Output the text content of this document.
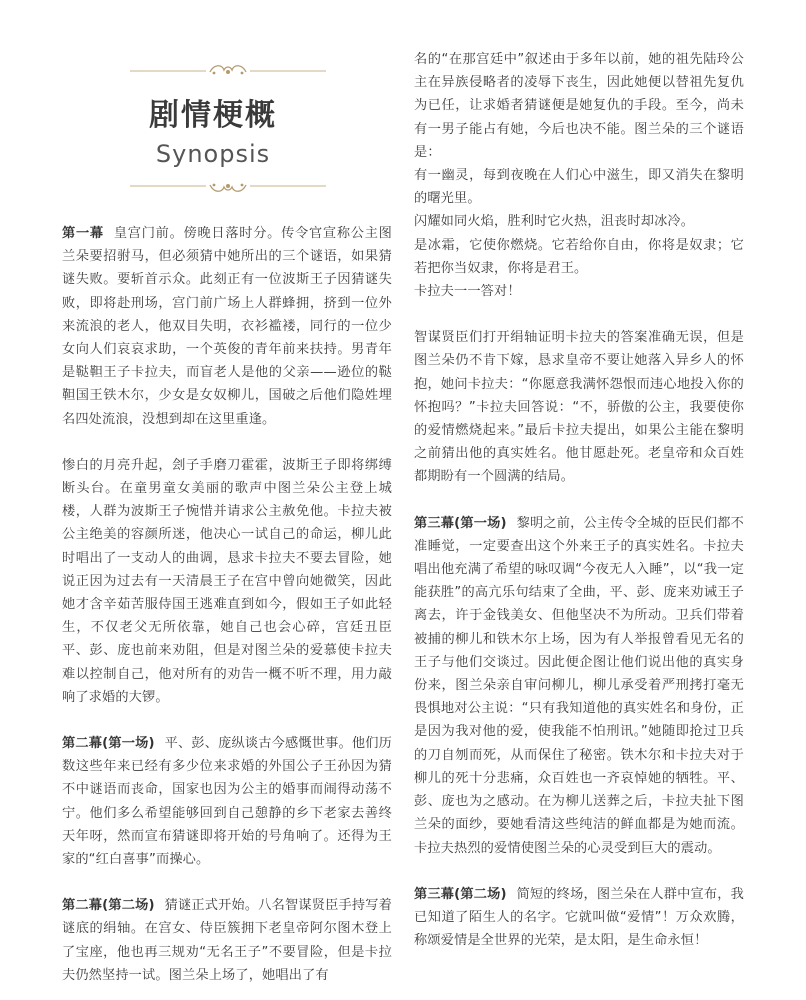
剧情梗概
Synopsis

第一幕 皇宫门前。傍晚日落时分。传令官宣称公主图兰朵要招驸马，但必须猜中她所出的三个谜语，如果猜谜失败。要斩首示众。此刻正有一位波斯王子因猜谜失败，即将赴刑场，宫门前广场上人群蜂拥，挤到一位外来流浪的老人，他双目失明，衣衫褴褛，同行的一位少女向人们哀哀求助，一个英俊的青年前来扶持。男青年是鞑靼王子卡拉夫，而盲老人是他的父亲——逊位的鞑靼国王铁木尔，少女是女奴柳儿，国破之后他们隐姓埋名四处流浪，没想到却在这里重逢。

惨白的月亮升起，刽子手磨刀霍霍，波斯王子即将绑缚断头台。在童男童女美丽的歌声中图兰朵公主登上城楼，人群为波斯王子惋惜并请求公主赦免他。卡拉夫被公主绝美的容颜所迷，他决心一试自己的命运，柳儿此时唱出了一支动人的曲调，恳求卡拉夫不要去冒险，她说正因为过去有一天清晨王子在宫中曾向她微笑，因此她才含辛茹苦服侍国王逃难直到如今，假如王子如此轻生，不仅老父无所依靠，她自己也会心碎，宫廷丑臣平、彭、庞也前来劝阻，但是对图兰朵的爱慕使卡拉夫难以控制自己，他对所有的劝告一概不听不理，用力敲响了求婚的大锣。

第二幕(第一场) 平、彭、庞纵谈古今感慨世事。他们历数这些年来已经有多少位来求婚的外国公子王孙因为猜不中谜语而丧命，国家也因为公主的婚事而闹得动荡不宁。他们多么希望能够回到自己憩静的乡下老家去善终天年呀，然而宣布猜谜即将开始的号角响了。还得为王家的“红白喜事”而操心。

第二幕(第二场) 猜谜正式开始。八名智谋贤臣手持写着谜底的绢轴。在宫女、侍臣簇拥下老皇帝阿尔图木登上了宝座，他也再三规劝“无名王子”不要冒险，但是卡拉夫仍然坚持一试。图兰朵上场了，她唱出了有

名的“在那宫廷中”叙述由于多年以前，她的祖先陆玲公主在异族侵略者的凌辱下丧生，因此她便以替祖先复仇为已任，让求婚者猜谜便是她复仇的手段。至今，尚未有一男子能占有她，今后也决不能。图兰朵的三个谜语是：

有一幽灵，每到夜晚在人们心中滋生，即又消失在黎明的曙光里。

闪耀如同火焰，胜利时它火热，沮丧时却冰冷。

是冰霜，它使你燃烧。它若给你自由，你将是奴隶；它若把你当奴隶，你将是君王。

卡拉夫一一答对！

智谋贤臣们打开绢轴证明卡拉夫的答案准确无误，但是图兰朵仍不肯下嫁，恳求皇帝不要让她落入异乡人的怀抱，她问卡拉夫：“你愿意我满怀怨恨而违心地投入你的怀抱吗？”卡拉夫回答说：“不，骄傲的公主，我要使你的爱情燃烧起来。”最后卡拉夫提出，如果公主能在黎明之前猜出他的真实姓名。他甘愿赴死。老皇帝和众百姓都期盼有一个圆满的结局。

第三幕(第一场) 黎明之前，公主传令全城的臣民们都不准睡觉，一定要查出这个外来王子的真实姓名。卡拉夫唱出他充满了希望的咏叹调“今夜无人入睡”，以“我一定能获胜”的高亢乐句结束了全曲，平、彭、庞来劝诫王子离去，许于金钱美女、但他坚决不为所动。卫兵们带着被捕的柳儿和铁木尔上场，因为有人举报曾看见无名的王子与他们交谈过。因此便企图让他们说出他的真实身份来，图兰朵亲自审问柳儿，柳儿承受着严刑拷打毫无畏惧地对公主说：“只有我知道他的真实姓名和身份，正是因为我对他的爱，使我能不怕刑讯。”她随即抢过卫兵的刀自刎而死，从而保住了秘密。铁木尔和卡拉夫对于柳儿的死十分悲痛，众百姓也一齐哀悼她的牺牲。平、彭、庞也为之感动。在为柳儿送葬之后，卡拉夫扯下图兰朵的面纱，要她看清这些纯洁的鲜血都是为她而流。卡拉夫热烈的爱情使图兰朵的心灵受到巨大的震动。

第三幕(第二场) 简短的终场，图兰朵在人群中宣布，我已知道了陌生人的名字。它就叫做“爱情”！万众欢腾，称颂爱情是全世界的光荣，是太阳，是生命永恒！
